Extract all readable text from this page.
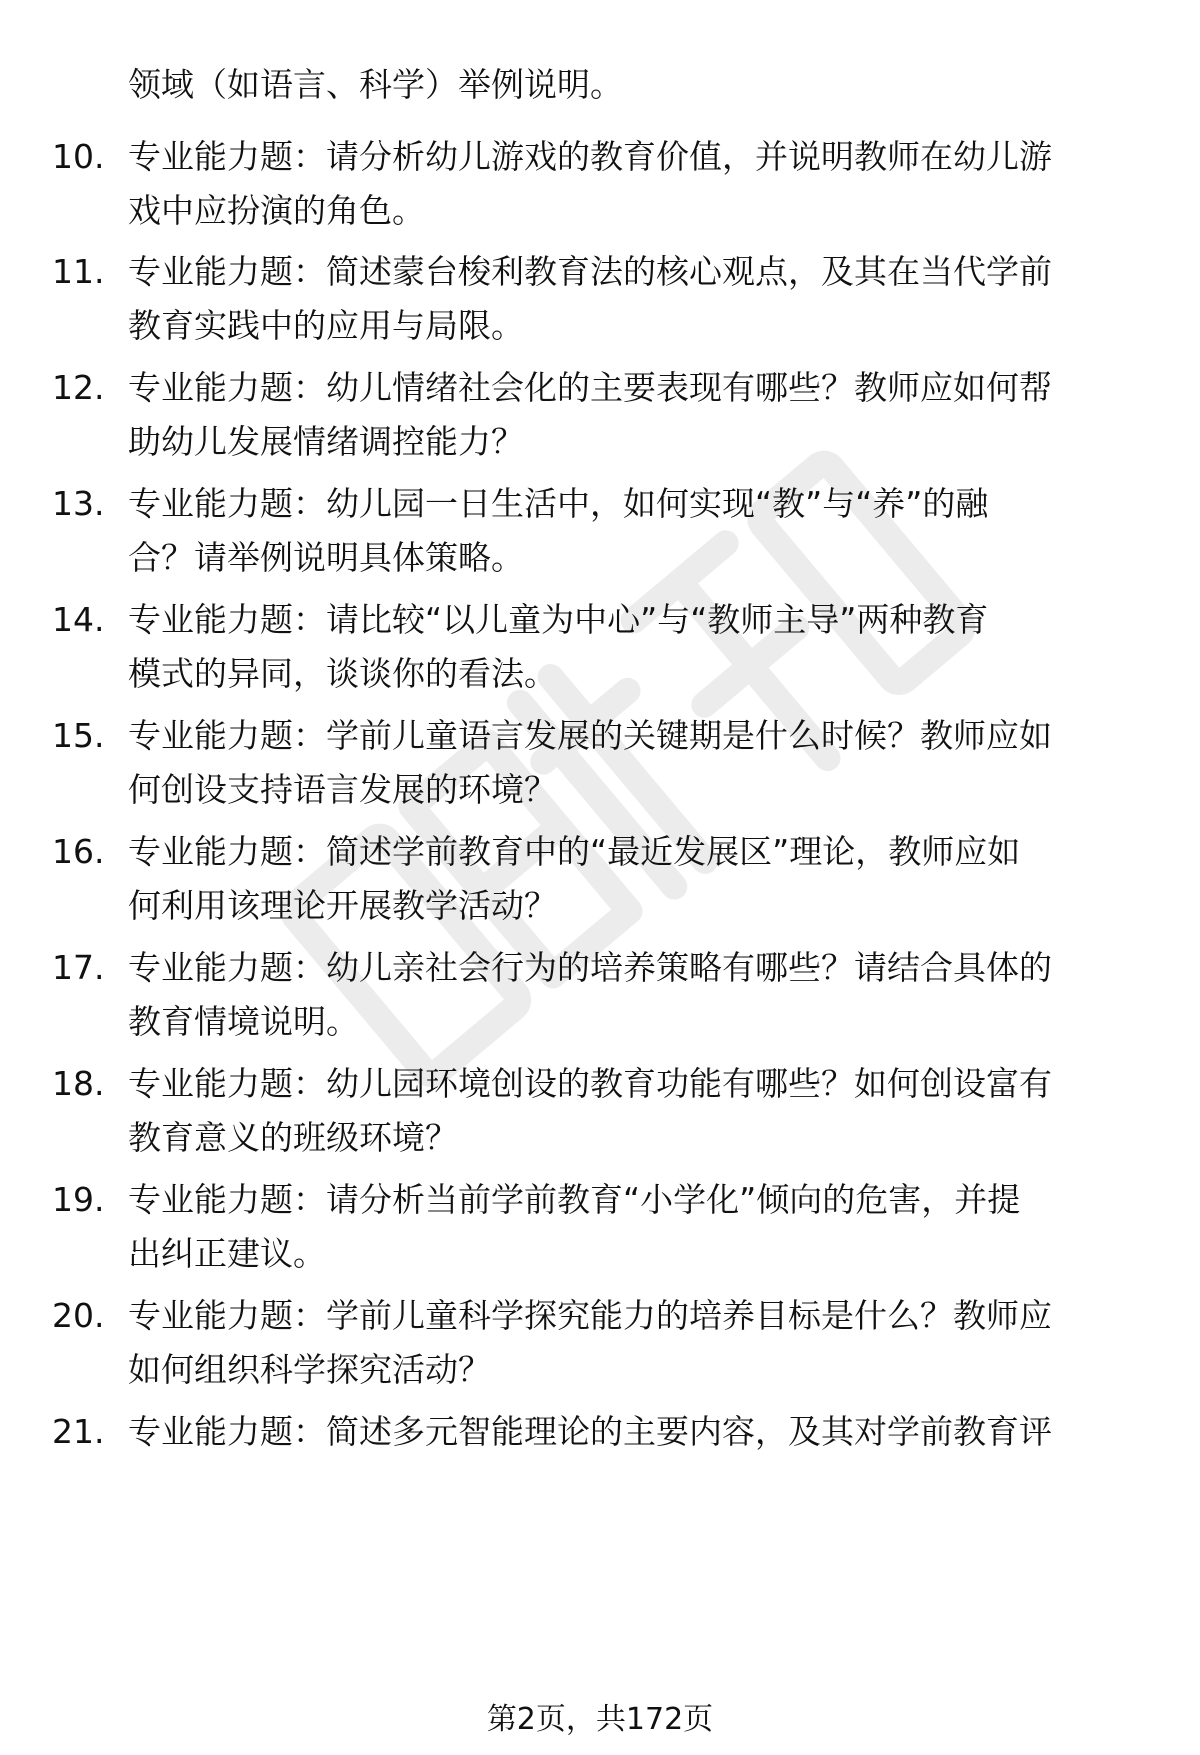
领域（如语言、科学）举例说明。
10. 专业能力题：请分析幼儿游戏的教育价值，并说明教师在幼儿游
戏中应扮演的角色。
11. 专业能力题：简述蒙台梭利教育法的核心观点，及其在当代学前
教育实践中的应用与局限。
12. 专业能力题：幼儿情绪社会化的主要表现有哪些？教师应如何帮
助幼儿发展情绪调控能力？
13. 专业能力题：幼儿园一日生活中，如何实现“教”与“养”的融
合？请举例说明具体策略。
14. 专业能力题：请比较“以儿童为中心”与“教师主导”两种教育
模式的异同，谈谈你的看法。
15. 专业能力题：学前儿童语言发展的关键期是什么时候？教师应如
何创设支持语言发展的环境？
16. 专业能力题：简述学前教育中的“最近发展区”理论，教师应如
何利用该理论开展教学活动？
17. 专业能力题：幼儿亲社会行为的培养策略有哪些？请结合具体的
教育情境说明。
18. 专业能力题：幼儿园环境创设的教育功能有哪些？如何创设富有
教育意义的班级环境？
19. 专业能力题：请分析当前学前教育“小学化”倾向的危害，并提
出纠正建议。
20. 专业能力题：学前儿童科学探究能力的培养目标是什么？教师应
如何组织科学探究活动？
21. 专业能力题：简述多元智能理论的主要内容，及其对学前教育评
第2页，共172页
